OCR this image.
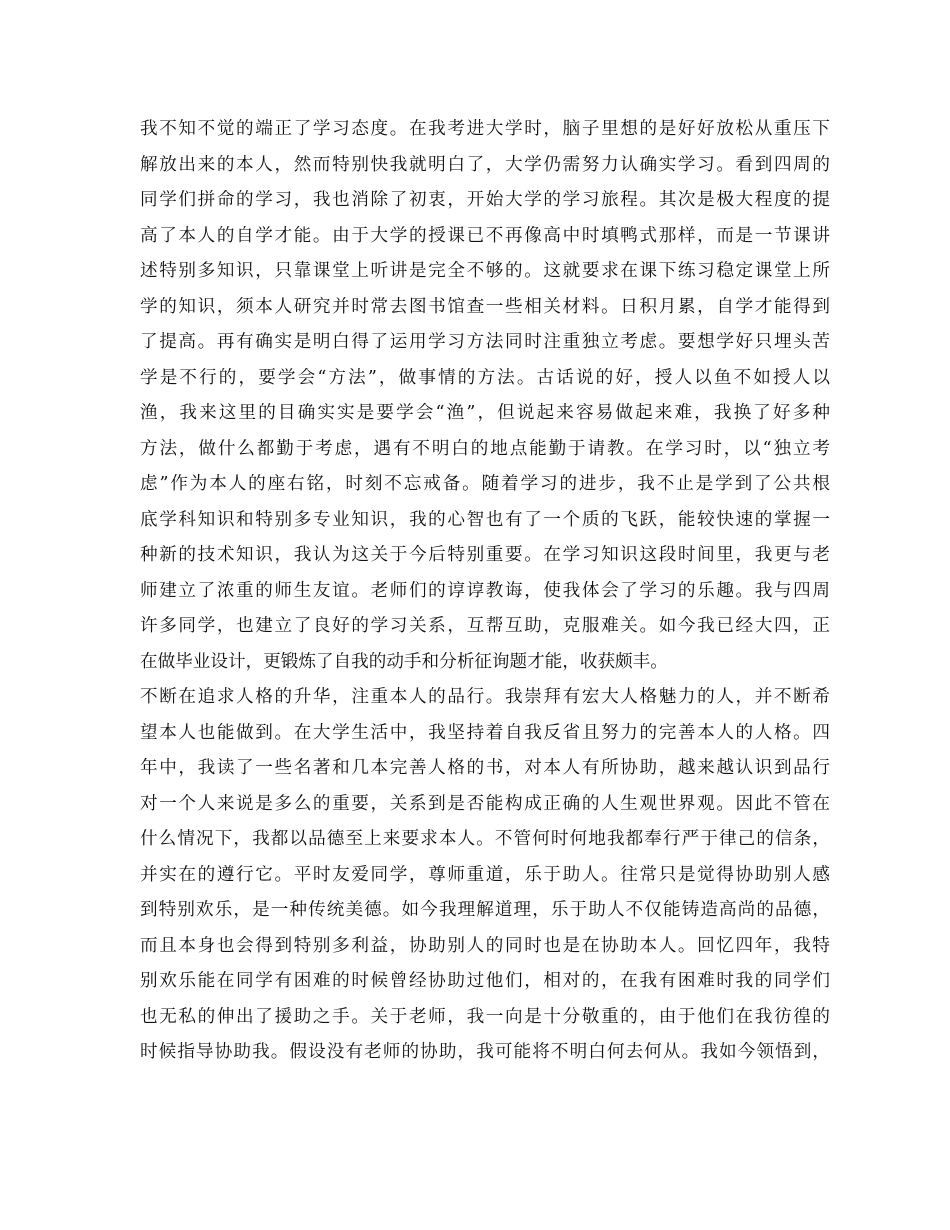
我不知不觉的端正了学习态度。在我考进大学时，脑子里想的是好好放松从重压下
解放出来的本人，然而特别快我就明白了，大学仍需努力认确实学习。看到四周的
同学们拼命的学习，我也消除了初衷，开始大学的学习旅程。其次是极大程度的提
高了本人的自学才能。由于大学的授课已不再像高中时填鸭式那样，而是一节课讲
述特别多知识，只靠课堂上听讲是完全不够的。这就要求在课下练习稳定课堂上所
学的知识，须本人研究并时常去图书馆查一些相关材料。日积月累，自学才能得到
了提高。再有确实是明白得了运用学习方法同时注重独立考虑。要想学好只埋头苦
学是不行的，要学会“方法”，做事情的方法。古话说的好，授人以鱼不如授人以
渔，我来这里的目确实实是要学会“渔”，但说起来容易做起来难，我换了好多种
方法，做什么都勤于考虑，遇有不明白的地点能勤于请教。在学习时，以“独立考
虑”作为本人的座右铭，时刻不忘戒备。随着学习的进步，我不止是学到了公共根
底学科知识和特别多专业知识，我的心智也有了一个质的飞跃，能较快速的掌握一
种新的技术知识，我认为这关于今后特别重要。在学习知识这段时间里，我更与老
师建立了浓重的师生友谊。老师们的谆谆教诲，使我体会了学习的乐趣。我与四周
许多同学，也建立了良好的学习关系，互帮互助，克服难关。如今我已经大四，正
在做毕业设计，更锻炼了自我的动手和分析征询题才能，收获颇丰。
不断在追求人格的升华，注重本人的品行。我崇拜有宏大人格魅力的人，并不断希
望本人也能做到。在大学生活中，我坚持着自我反省且努力的完善本人的人格。四
年中，我读了一些名著和几本完善人格的书，对本人有所协助，越来越认识到品行
对一个人来说是多么的重要，关系到是否能构成正确的人生观世界观。因此不管在
什么情况下，我都以品德至上来要求本人。不管何时何地我都奉行严于律己的信条，
并实在的遵行它。平时友爱同学，尊师重道，乐于助人。往常只是觉得协助别人感
到特别欢乐，是一种传统美德。如今我理解道理，乐于助人不仅能铸造高尚的品德，
而且本身也会得到特别多利益，协助别人的同时也是在协助本人。回忆四年，我特
别欢乐能在同学有困难的时候曾经协助过他们，相对的，在我有困难时我的同学们
也无私的伸出了援助之手。关于老师，我一向是十分敬重的，由于他们在我彷徨的
时候指导协助我。假设没有老师的协助，我可能将不明白何去何从。我如今领悟到，
